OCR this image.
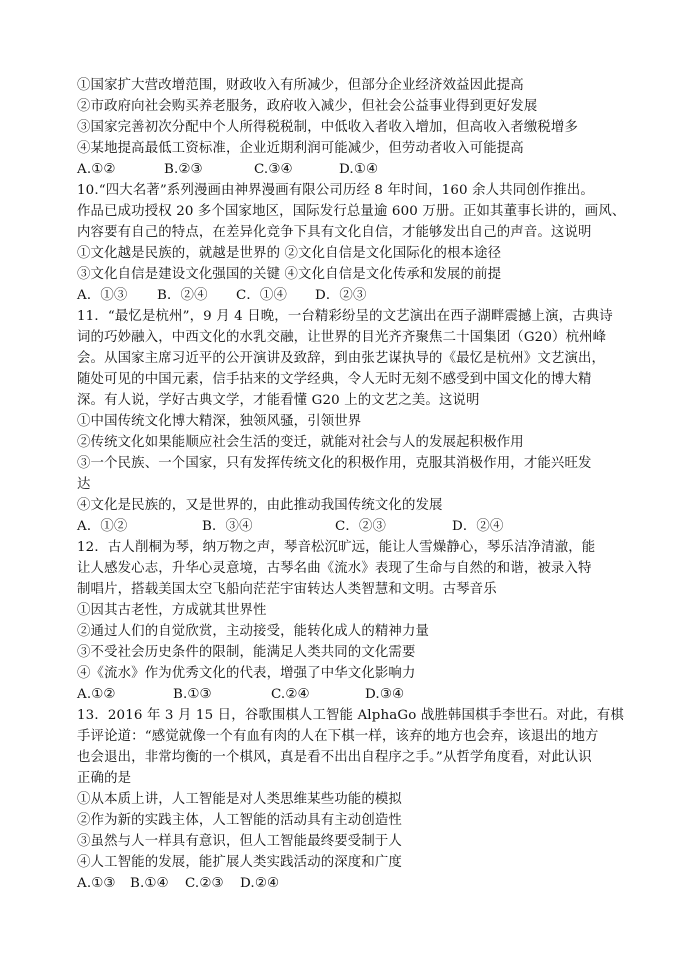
①国家扩大营改增范围，财政收入有所减少，但部分企业经济效益因此提高
②市政府向社会购买养老服务，政府收入减少，但社会公益事业得到更好发展
③国家完善初次分配中个人所得税税制，中低收入者收入增加，但高收入者缴税增多
④某地提高最低工资标准，企业近期利润可能减少，但劳动者收入可能提高
A.①②	B.②③	C.③④	D.①④
10.“四大名著”系列漫画由神界漫画有限公司历经 8 年时间，160 余人共同创作推出。
作品已成功授权 20 多个国家地区，国际发行总量逾 600 万册。正如其董事长讲的，画风、
内容要有自己的特点，在差异化竞争下具有文化自信，才能够发出自己的声音。这说明
①文化越是民族的，就越是世界的 ②文化自信是文化国际化的根本途径
③文化自信是建设文化强国的关键 ④文化自信是文化传承和发展的前提
A．①③	B．②④	C．①④	D．②③
11．“最忆是杭州”，9 月 4 日晚，一台精彩纷呈的文艺演出在西子湖畔震撼上演，古典诗
词的巧妙融入，中西文化的水乳交融，让世界的目光齐齐聚焦二十国集团（G20）杭州峰
会。从国家主席习近平的公开演讲及致辞，到由张艺谋执导的《最忆是杭州》文艺演出，
随处可见的中国元素，信手拈来的文学经典，令人无时无刻不感受到中国文化的博大精
深。有人说，学好古典文学，才能看懂 G20 上的文艺之美。这说明
①中国传统文化博大精深，独领风骚，引领世界
②传统文化如果能顺应社会生活的变迁，就能对社会与人的发展起积极作用
③一个民族、一个国家，只有发挥传统文化的积极作用，克服其消极作用，才能兴旺发
达
④文化是民族的，又是世界的，由此推动我国传统文化的发展
A．①②	B．③④	C．②③	D．②④
12．古人削桐为琴，纳万物之声，琴音松沉旷远，能让人雪燥静心，琴乐洁净清澈，能
让人感发心志，升华心灵意境，古琴名曲《流水》表现了生命与自然的和谐，被录入特
制唱片，搭载美国太空飞船向茫茫宇宙转达人类智慧和文明。古琴音乐
①因其古老性，方成就其世界性
②通过人们的自觉欣赏，主动接受，能转化成人的精神力量
③不受社会历史条件的限制，能满足人类共同的文化需要
④《流水》作为优秀文化的代表，增强了中华文化影响力
A.①②	B.①③	C.②④	D.③④
13．2016 年 3 月 15 日，谷歌围棋人工智能 AlphaGo 战胜韩国棋手李世石。对此，有棋
手评论道：“感觉就像一个有血有肉的人在下棋一样，该弃的地方也会弃，该退出的地方
也会退出，非常均衡的一个棋风，真是看不出出自程序之手。”从哲学角度看，对此认识
正确的是
①从本质上讲，人工智能是对人类思维某些功能的模拟
②作为新的实践主体，人工智能的活动具有主动创造性
③虽然与人一样具有意识，但人工智能最终要受制于人
④人工智能的发展，能扩展人类实践活动的深度和广度
A.①③	B.①④	C.②③	D.②④
